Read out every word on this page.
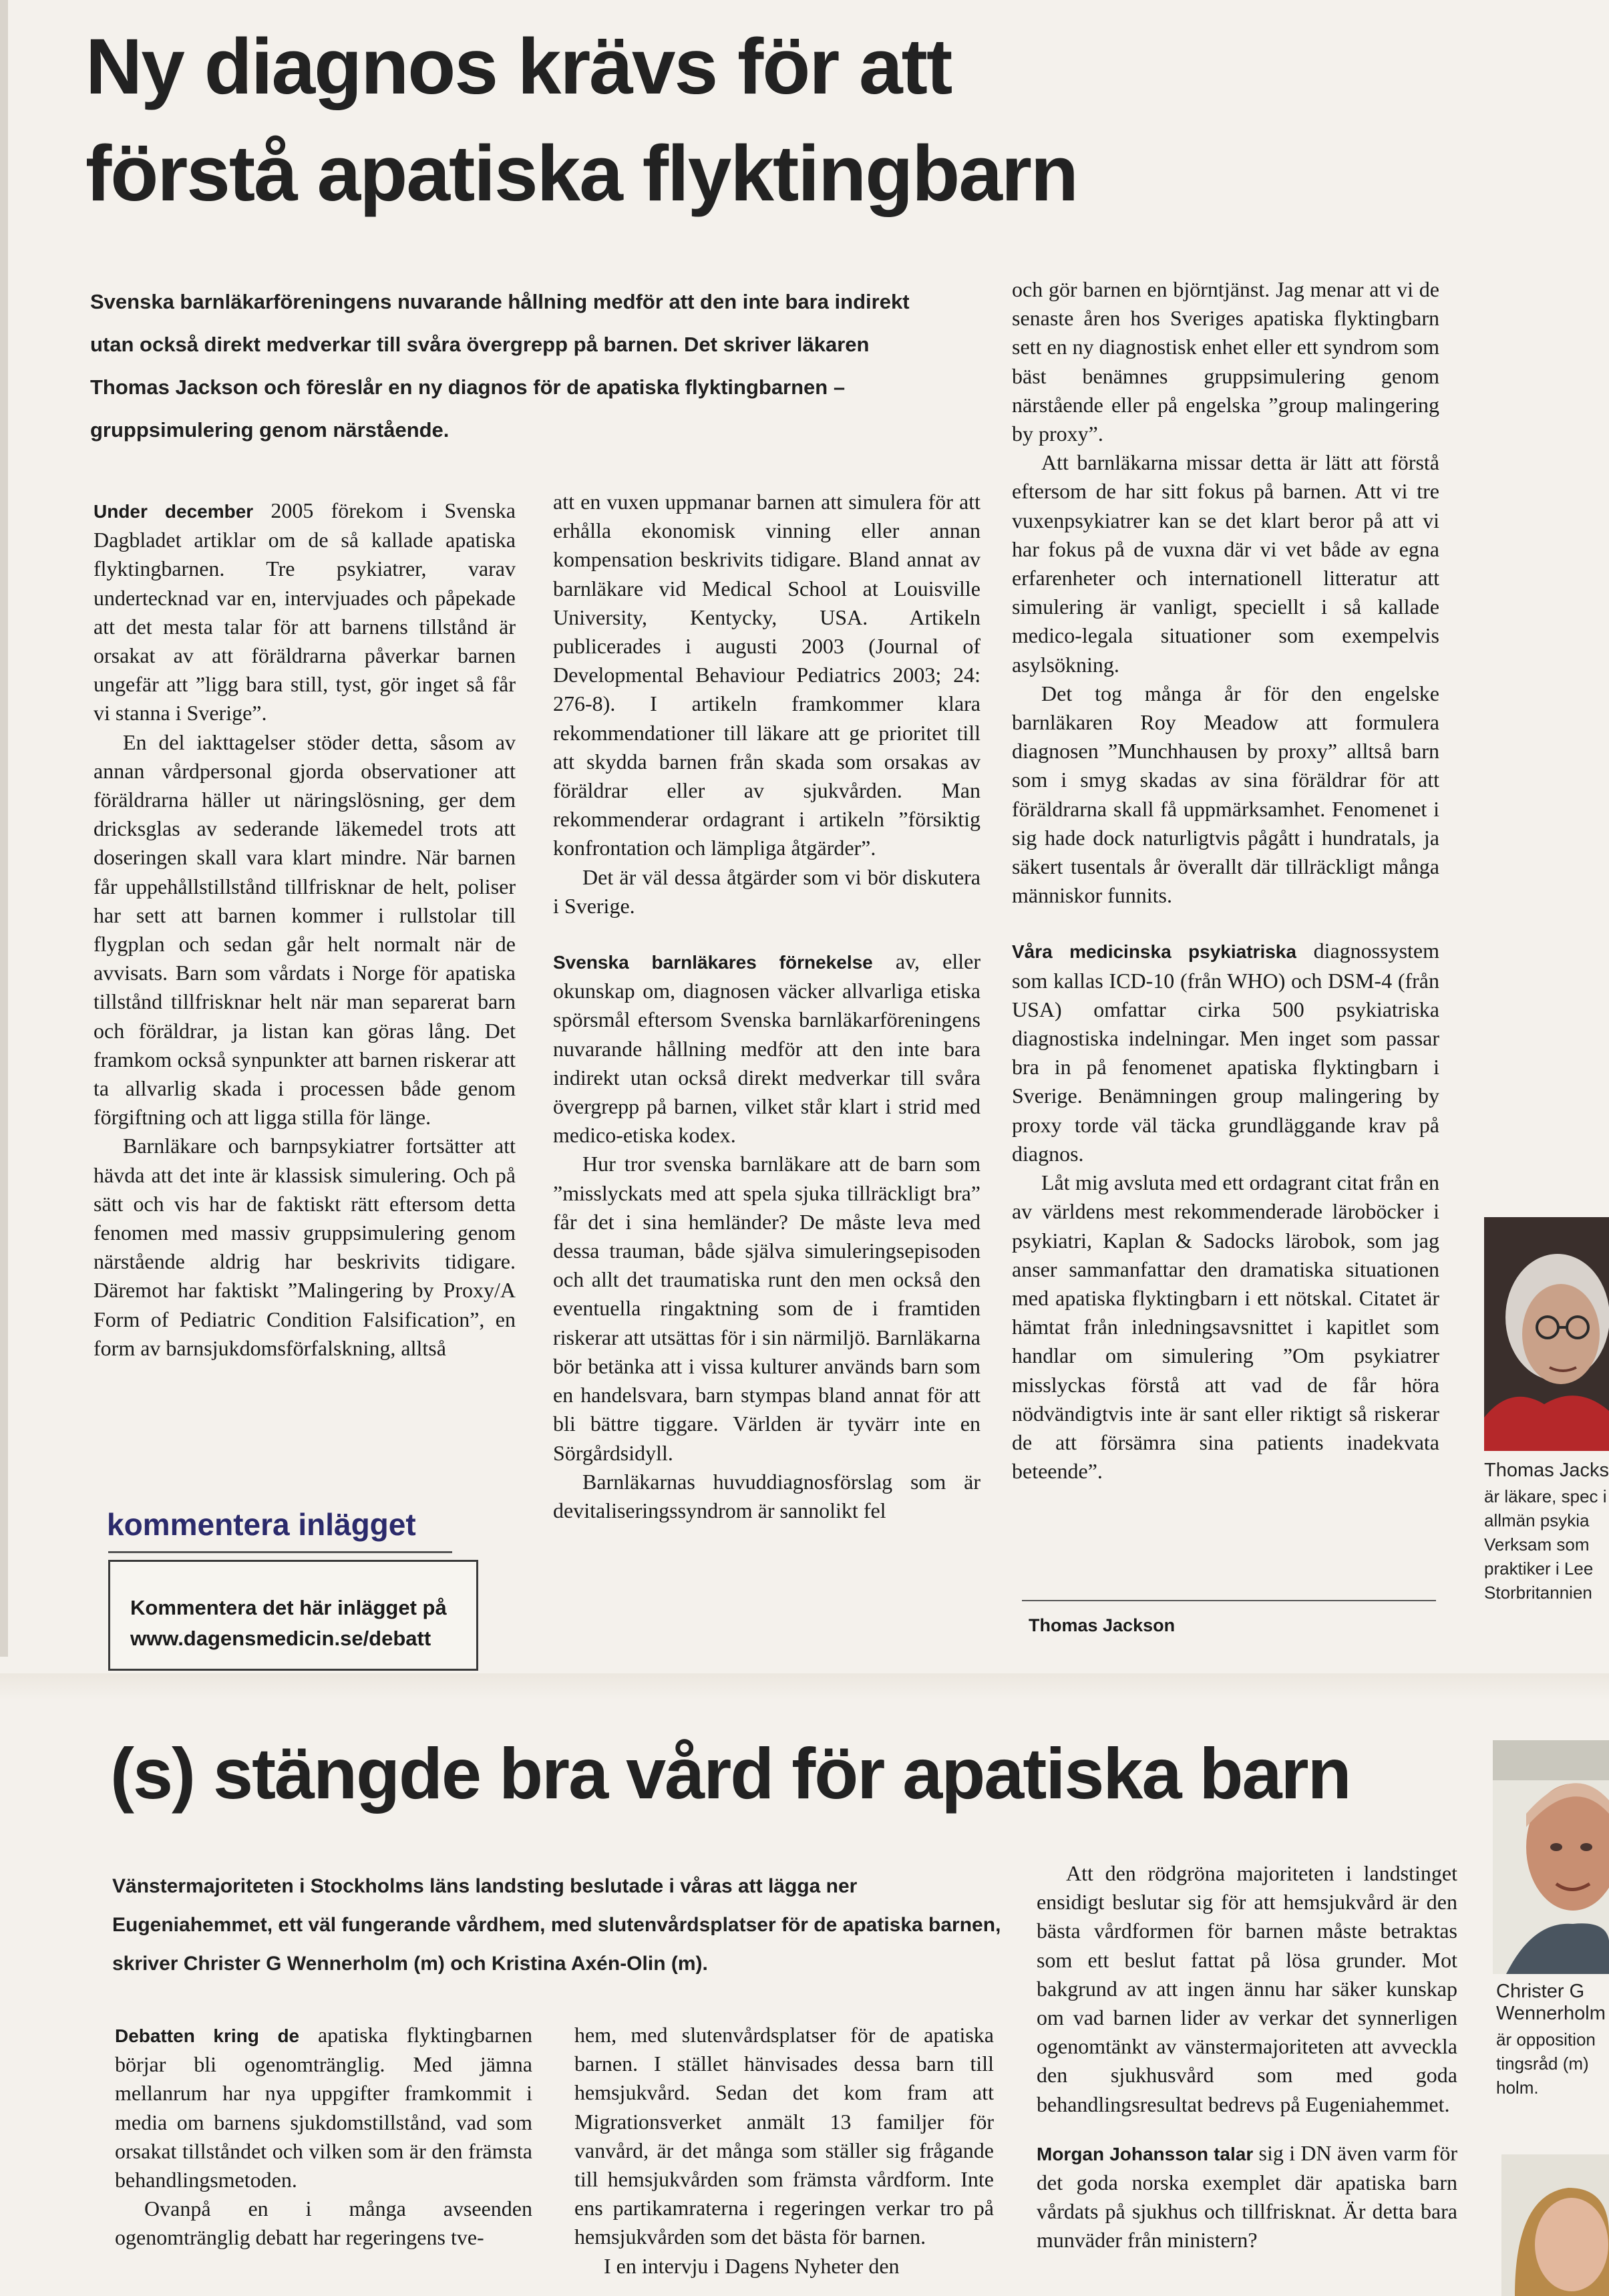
Ny diagnos krävs för att
förstå apatiska flyktingbarn

Svenska barnläkarföreningens nuvarande hållning medför att den inte bara indirekt utan också direkt medverkar till svåra övergrepp på barnen. Det skriver läkaren Thomas Jackson och föreslår en ny diagnos för de apatiska flyktingbarnen – gruppsimulering genom närstående.

Under december 2005 förekom i Svenska Dagbladet artiklar om de så kallade apatiska flyktingbarnen. Tre psykiatrer, varav undertecknad var en, intervjuades och påpekade att det mesta talar för att barnens tillstånd är orsakat av att föräldrarna påverkar barnen ungefär att ”ligg bara still, tyst, gör inget så får vi stanna i Sverige”.

En del iakttagelser stöder detta, såsom av annan vårdpersonal gjorda observationer att föräldrarna häller ut näringslösning, ger dem dricksglas av sederande läkemedel trots att doseringen skall vara klart mindre. När barnen får uppehållstillstånd tillfrisknar de helt, poliser har sett att barnen kommer i rullstolar till flygplan och sedan går helt normalt när de avvisats. Barn som vårdats i Norge för apatiska tillstånd tillfrisknar helt när man separerat barn och föräldrar, ja listan kan göras lång. Det framkom också synpunkter att barnen riskerar att ta allvarlig skada i processen både genom förgiftning och att ligga stilla för länge.

Barnläkare och barnpsykiatrer fortsätter att hävda att det inte är klassisk simulering. Och på sätt och vis har de faktiskt rätt eftersom detta fenomen med massiv gruppsimulering genom närstående aldrig har beskrivits tidigare. Däremot har faktiskt ”Malingering by Proxy/A Form of Pediatric Condition Falsification”, en form av barnsjukdomsförfalskning, alltså

att en vuxen uppmanar barnen att simulera för att erhålla ekonomisk vinning eller annan kompensation beskrivits tidigare. Bland annat av barnläkare vid Medical School at Louisville University, Kentycky, USA. Artikeln publicerades i augusti 2003 (Journal of Developmental Behaviour Pediatrics 2003; 24: 276-8). I artikeln framkommer klara rekommendationer till läkare att ge prioritet till att skydda barnen från skada som orsakas av föräldrar eller av sjukvården. Man rekommenderar ordagrant i artikeln ”försiktig konfrontation och lämpliga åtgärder”.

Det är väl dessa åtgärder som vi bör diskutera i Sverige.

Svenska barnläkares förnekelse av, eller okunskap om, diagnosen väcker allvarliga etiska spörsmål eftersom Svenska barnläkarföreningens nuvarande hållning medför att den inte bara indirekt utan också direkt medverkar till svåra övergrepp på barnen, vilket står klart i strid med medico-etiska kodex.

Hur tror svenska barnläkare att de barn som ”misslyckats med att spela sjuka tillräckligt bra” får det i sina hemländer? De måste leva med dessa trauman, både själva simuleringsepisoden och allt det traumatiska runt den men också den eventuella ringaktning som de i framtiden riskerar att utsättas för i sin närmiljö. Barnläkarna bör betänka att i vissa kulturer används barn som en handelsvara, barn stympas bland annat för att bli bättre tiggare. Världen är tyvärr inte en Sörgårdsidyll.

Barnläkarnas huvuddiagnosförslag som är devitaliseringssyndrom är sannolikt fel

och gör barnen en björntjänst. Jag menar att vi de senaste åren hos Sveriges apatiska flyktingbarn sett en ny diagnostisk enhet eller ett syndrom som bäst benämnes gruppsimulering genom närstående eller på engelska ”group malingering by proxy”.

Att barnläkarna missar detta är lätt att förstå eftersom de har sitt fokus på barnen. Att vi tre vuxenpsykiatrer kan se det klart beror på att vi har fokus på de vuxna där vi vet både av egna erfarenheter och internationell litteratur att simulering är vanligt, speciellt i så kallade medico-legala situationer som exempelvis asylsökning.

Det tog många år för den engelske barnläkaren Roy Meadow att formulera diagnosen ”Munchhausen by proxy” alltså barn som i smyg skadas av sina föräldrar för att föräldrarna skall få uppmärksamhet. Fenomenet i sig hade dock naturligtvis pågått i hundratals, ja säkert tusentals år överallt där tillräckligt många människor funnits.

Våra medicinska psykiatriska diagnossystem som kallas ICD-10 (från WHO) och DSM-4 (från USA) omfattar cirka 500 psykiatriska diagnostiska indelningar. Men inget som passar bra in på fenomenet apatiska flyktingbarn i Sverige. Benämningen group malingering by proxy torde väl täcka grundläggande krav på diagnos.

Låt mig avsluta med ett ordagrant citat från en av världens mest rekommenderade läroböcker i psykiatri, Kaplan & Sadocks lärobok, som jag anser sammanfattar den dramatiska situationen med apatiska flyktingbarn i ett nötskal. Citatet är hämtat från inledningsavsnittet i kapitlet som handlar om simulering ”Om psykiatrer misslyckas förstå att vad de får höra nödvändigtvis inte är sant eller riktigt så riskerar de att försämra sina patients inadekvata beteende”.

Thomas Jackson
kommentera inlägget
Kommentera det här inlägget på www.dagensmedicin.se/debatt
Thomas Jacks
är läkare, spec i allmän psykia Verksam som praktiker i Lee Storbritannien
(s) stängde bra vård för apatiska barn

Vänstermajoriteten i Stockholms läns landsting beslutade i våras att lägga ner Eugeniahemmet, ett väl fungerande vårdhem, med slutenvårdsplatser för de apatiska barnen, skriver Christer G Wennerholm (m) och Kristina Axén-Olin (m).

Debatten kring de apatiska flyktingbarnen börjar bli ogenomtränglig. Med jämna mellanrum har nya uppgifter framkommit i media om barnens sjukdomstillstånd, vad som orsakat tillståndet och vilken som är den främsta behandlingsmetoden.

Ovanpå en i många avseenden ogenomtränglig debatt har regeringens tve-

hem, med slutenvårdsplatser för de apatiska barnen. I stället hänvisades dessa barn till hemsjukvård. Sedan det kom fram att Migrationsverket anmält 13 familjer för vanvård, är det många som ställer sig frågande till hemsjukvården som främsta vårdform. Inte ens partikamraterna i regeringen verkar tro på hemsjukvården som det bästa för barnen.

I en intervju i Dagens Nyheter den

Att den rödgröna majoriteten i landstinget ensidigt beslutar sig för att hemsjukvård är den bästa vårdformen för barnen måste betraktas som ett beslut fattat på lösa grunder. Mot bakgrund av att ingen ännu har säker kunskap om vad barnen lider av verkar det synnerligen ogenomtänkt av vänstermajoriteten att avveckla den sjukhusvård som med goda behandlingsresultat bedrevs på Eugeniahemmet.

Morgan Johansson talar sig i DN även varm för det goda norska exemplet där apatiska barn vårdats på sjukhus och tillfrisknat. Är detta bara munväder från ministern?

Christer G Wennerholm
är opposition tingsråd (m) holm.
